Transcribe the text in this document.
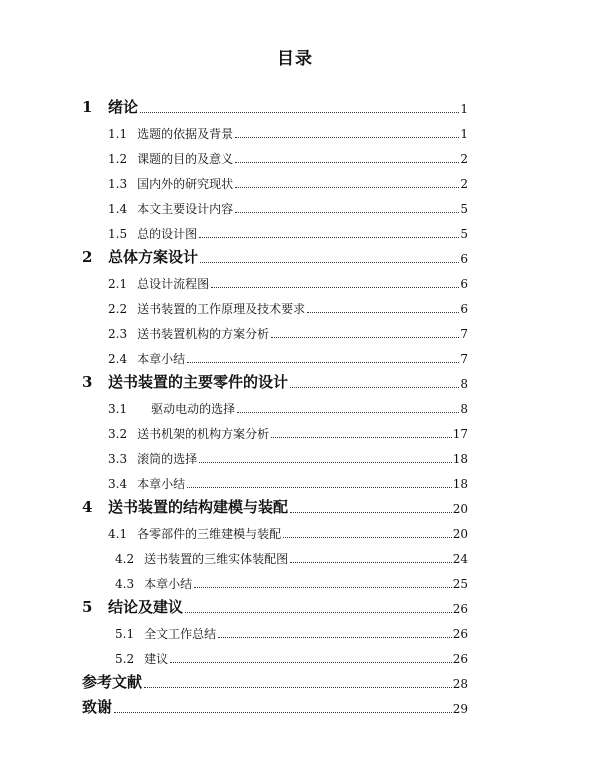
目录
1 绪论	1
1.1 选题的依据及背景	1
1.2 课题的目的及意义	2
1.3 国内外的研究现状	2
1.4 本文主要设计内容	5
1.5 总的设计图	5
2 总体方案设计	6
2.1 总设计流程图	6
2.2 送书装置的工作原理及技术要求	6
2.3 送书装置机构的方案分析	7
2.4 本章小结	7
3 送书装置的主要零件的设计	8
3.1 驱动电动的选择	8
3.2 送书机架的机构方案分析	17
3.3 滚筒的选择	18
3.4 本章小结	18
4 送书装置的结构建模与装配	20
4.1 各零部件的三维建模与装配	20
4.2 送书装置的三维实体装配图	24
4.3 本章小结	25
5 结论及建议	26
5.1 全文工作总结	26
5.2 建议	26
参考文献	28
致谢	29
